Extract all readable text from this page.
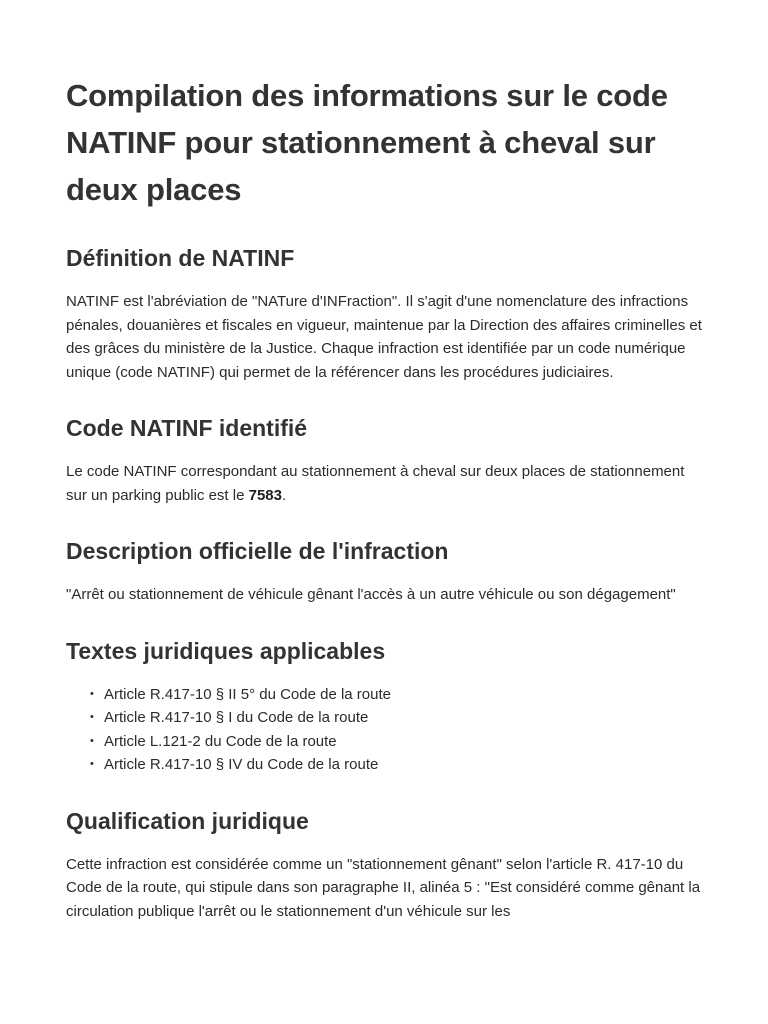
Compilation des informations sur le code NATINF pour stationnement à cheval sur deux places
Définition de NATINF

NATINF est l'abréviation de "NATure d'INFraction". Il s'agit d'une nomenclature des infractions pénales, douanières et fiscales en vigueur, maintenue par la Direction des affaires criminelles et des grâces du ministère de la Justice. Chaque infraction est identifiée par un code numérique unique (code NATINF) qui permet de la référencer dans les procédures judiciaires.

Code NATINF identifié

Le code NATINF correspondant au stationnement à cheval sur deux places de stationnement sur un parking public est le 7583.

Description officielle de l'infraction

"Arrêt ou stationnement de véhicule gênant l'accès à un autre véhicule ou son dégagement"

Textes juridiques applicables
• Article R.417-10 § II 5° du Code de la route
• Article R.417-10 § I du Code de la route
• Article L.121-2 du Code de la route
• Article R.417-10 § IV du Code de la route
Qualification juridique

Cette infraction est considérée comme un "stationnement gênant" selon l'article R. 417-10 du Code de la route, qui stipule dans son paragraphe II, alinéa 5 : "Est considéré comme gênant la circulation publique l'arrêt ou le stationnement d'un véhicule sur les
